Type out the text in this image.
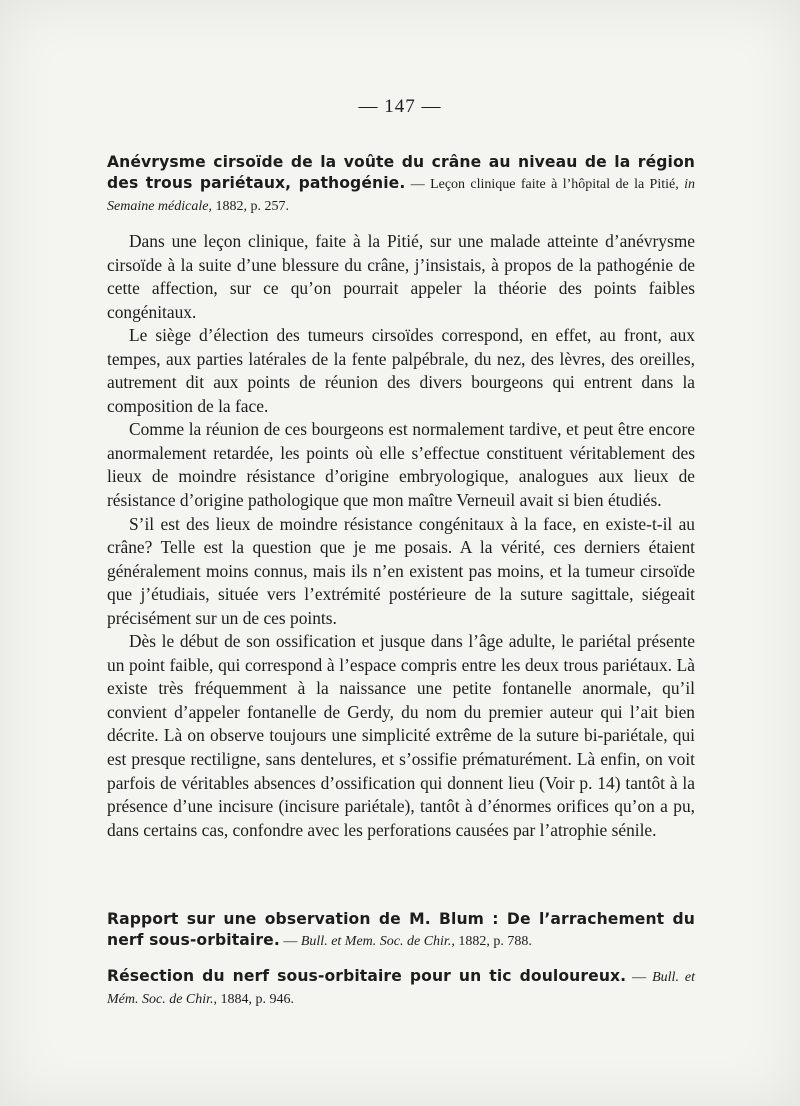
— 147 —
Anévrysme cirsoïde de la voûte du crâne au niveau de la région des trous pariétaux, pathogénie. — Leçon clinique faite à l’hôpital de la Pitié, in Semaine médicale, 1882, p. 257.

Dans une leçon clinique, faite à la Pitié, sur une malade atteinte d’anévrysme cirsoïde à la suite d’une blessure du crâne, j’insistais, à propos de la pathogénie de cette affection, sur ce qu’on pourrait appeler la théorie des points faibles congénitaux.

Le siège d’élection des tumeurs cirsoïdes correspond, en effet, au front, aux tempes, aux parties latérales de la fente palpébrale, du nez, des lèvres, des oreilles, autrement dit aux points de réunion des divers bourgeons qui entrent dans la composition de la face.

Comme la réunion de ces bourgeons est normalement tardive, et peut être encore anormalement retardée, les points où elle s’effectue constituent véritablement des lieux de moindre résistance d’origine embryologique, analogues aux lieux de résistance d’origine pathologique que mon maître Verneuil avait si bien étudiés.

S’il est des lieux de moindre résistance congénitaux à la face, en existe-t-il au crâne? Telle est la question que je me posais. A la vérité, ces derniers étaient généralement moins connus, mais ils n’en existent pas moins, et la tumeur cirsoïde que j’étudiais, située vers l’extrémité postérieure de la suture sagittale, siégeait précisément sur un de ces points.

Dès le début de son ossification et jusque dans l’âge adulte, le pariétal présente un point faible, qui correspond à l’espace compris entre les deux trous pariétaux. Là existe très fréquemment à la naissance une petite fontanelle anormale, qu’il convient d’appeler fontanelle de Gerdy, du nom du premier auteur qui l’ait bien décrite. Là on observe toujours une simplicité extrême de la suture bi-pariétale, qui est presque rectiligne, sans dentelures, et s’ossifie prématurément. Là enfin, on voit parfois de véritables absences d’ossification qui donnent lieu (Voir p. 14) tantôt à la présence d’une incisure (incisure pariétale), tantôt à d’énormes orifices qu’on a pu, dans certains cas, confondre avec les perforations causées par l’atrophie sénile.

Rapport sur une observation de M. Blum : De l’arrachement du nerf sous-orbitaire. — Bull. et Mem. Soc. de Chir., 1882, p. 788.
Résection du nerf sous-orbitaire pour un tic douloureux. — Bull. et Mém. Soc. de Chir., 1884, p. 946.
